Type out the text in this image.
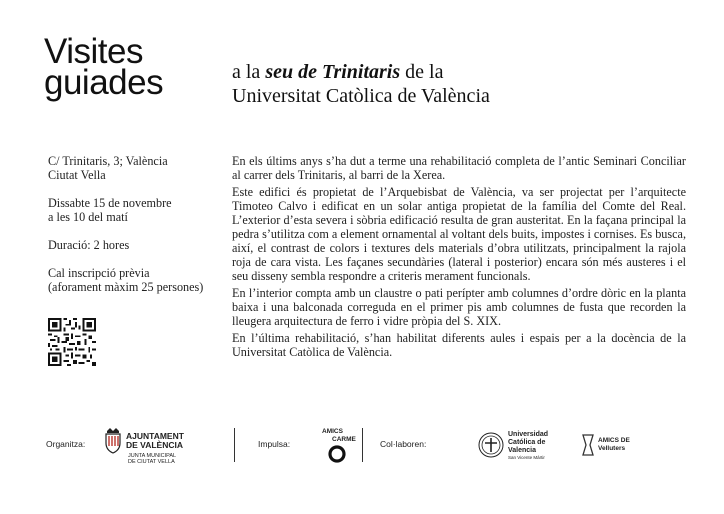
Visites
guiades	a la seu de Trinitaris de la
Universitat Catòlica de València
C/ Trinitaris, 3; València
Ciutat Vella
Dissabte 15 de novembre
a les 10 del matí
Duració: 2 hores
Cal inscripció prèvia
(aforament màxim 25 persones)

En els últims anys s’ha dut a terme una rehabilitació completa de l’antic Seminari Conciliar al carrer dels Trinitaris, al barri de la Xerea.

Este edifici és propietat de l’Arquebisbat de València, va ser projectat per l’arquitecte Timoteo Calvo i edificat en un solar antiga propietat de la família del Comte del Real. L’exterior d’esta severa i sòbria edificació resulta de gran austeritat. En la façana principal la pedra s’utilitza com a element ornamental al voltant dels buits, impostes i cornises. Es busca, així, el contrast de colors i textures dels materials d’obra utilitzats, principalment la rajola roja de cara vista. Les façanes secundàries (lateral i posterior) encara són més austeres i el seu disseny sembla respondre a criteris merament funcionals.

En l’interior compta amb un claustre o pati perípter amb columnes d’ordre dòric en la planta baixa i una balconada correguda en el primer pis amb columnes de fusta que recorden la lleugera arquitectura de ferro i vidre pròpia del S. XIX.

En l’última rehabilitació, s’han habilitat diferents aules i espais per a la docència de la Universitat Catòlica de València.

Organitza:
AJUNTAMENT
DE VALÈNCIA
JUNTA MUNICIPAL
DE CIUTAT VELLA
Impulsa:
AMICS
CARME	Col·laboren:
Universidad
Católica de
Valencia
San Vicente Mártir
AMICS DE
Velluters
